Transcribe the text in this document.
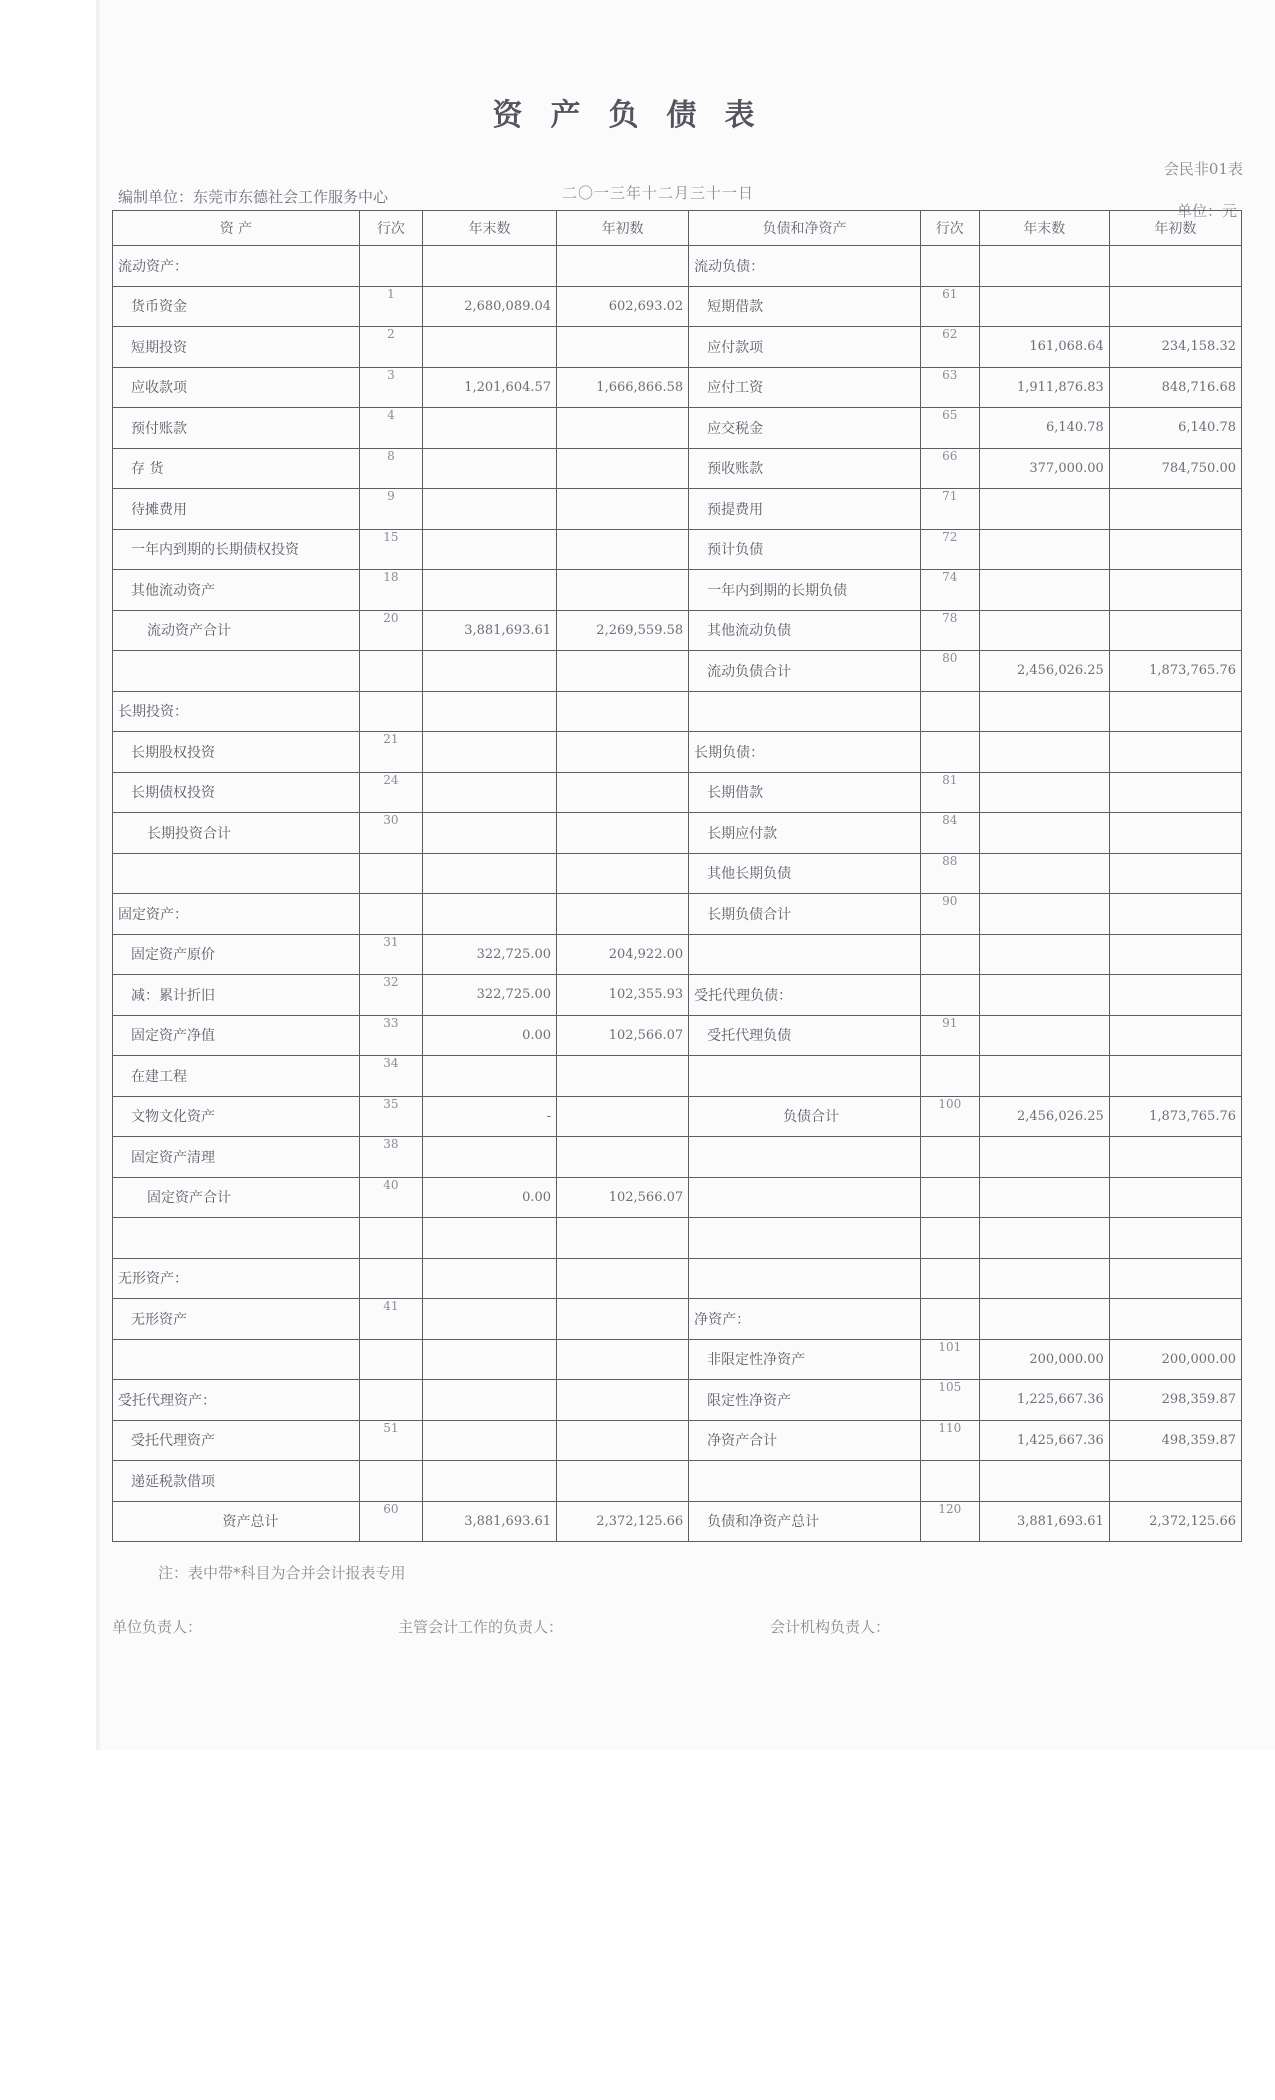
资产负债表
会民非01表
编制单位：东莞市东德社会工作服务中心	二〇一三年十二月三十一日
单位：元
资 产	行次	年末数	年初数	负债和净资产	行次	年末数	年初数
流动资产：				流动负债：			
货币资金	1	2,680,089.04	602,693.02	短期借款	61		
短期投资	2			应付款项	62	161,068.64	234,158.32
应收款项	3	1,201,604.57	1,666,866.58	应付工资	63	1,911,876.83	848,716.68
预付账款	4			应交税金	65	6,140.78	6,140.78
存 货	8			预收账款	66	377,000.00	784,750.00
待摊费用	9			预提费用	71		
一年内到期的长期债权投资	15			预计负债	72		
其他流动资产	18			一年内到期的长期负债	74		
流动资产合计	20	3,881,693.61	2,269,559.58	其他流动负债	78		
				流动负债合计	80	2,456,026.25	1,873,765.76
长期投资：							
长期股权投资	21			长期负债：			
长期债权投资	24			长期借款	81		
长期投资合计	30			长期应付款	84		
				其他长期负债	88		
固定资产：				长期负债合计	90		
固定资产原价	31	322,725.00	204,922.00				
减：累计折旧	32	322,725.00	102,355.93	受托代理负债：			
固定资产净值	33	0.00	102,566.07	受托代理负债	91		
在建工程	34						
文物文化资产	35	-		负债合计	100	2,456,026.25	1,873,765.76
固定资产清理	38						
固定资产合计	40	0.00	102,566.07				

无形资产：							
无形资产	41			净资产：			
				非限定性净资产	101	200,000.00	200,000.00
受托代理资产：				限定性净资产	105	1,225,667.36	298,359.87
受托代理资产	51			净资产合计	110	1,425,667.36	498,359.87
递延税款借项							
资产总计	60	3,881,693.61	2,372,125.66	负债和净资产总计	120	3,881,693.61	2,372,125.66
注：表中带*科目为合并会计报表专用
单位负责人：	主管会计工作的负责人：	会计机构负责人：
